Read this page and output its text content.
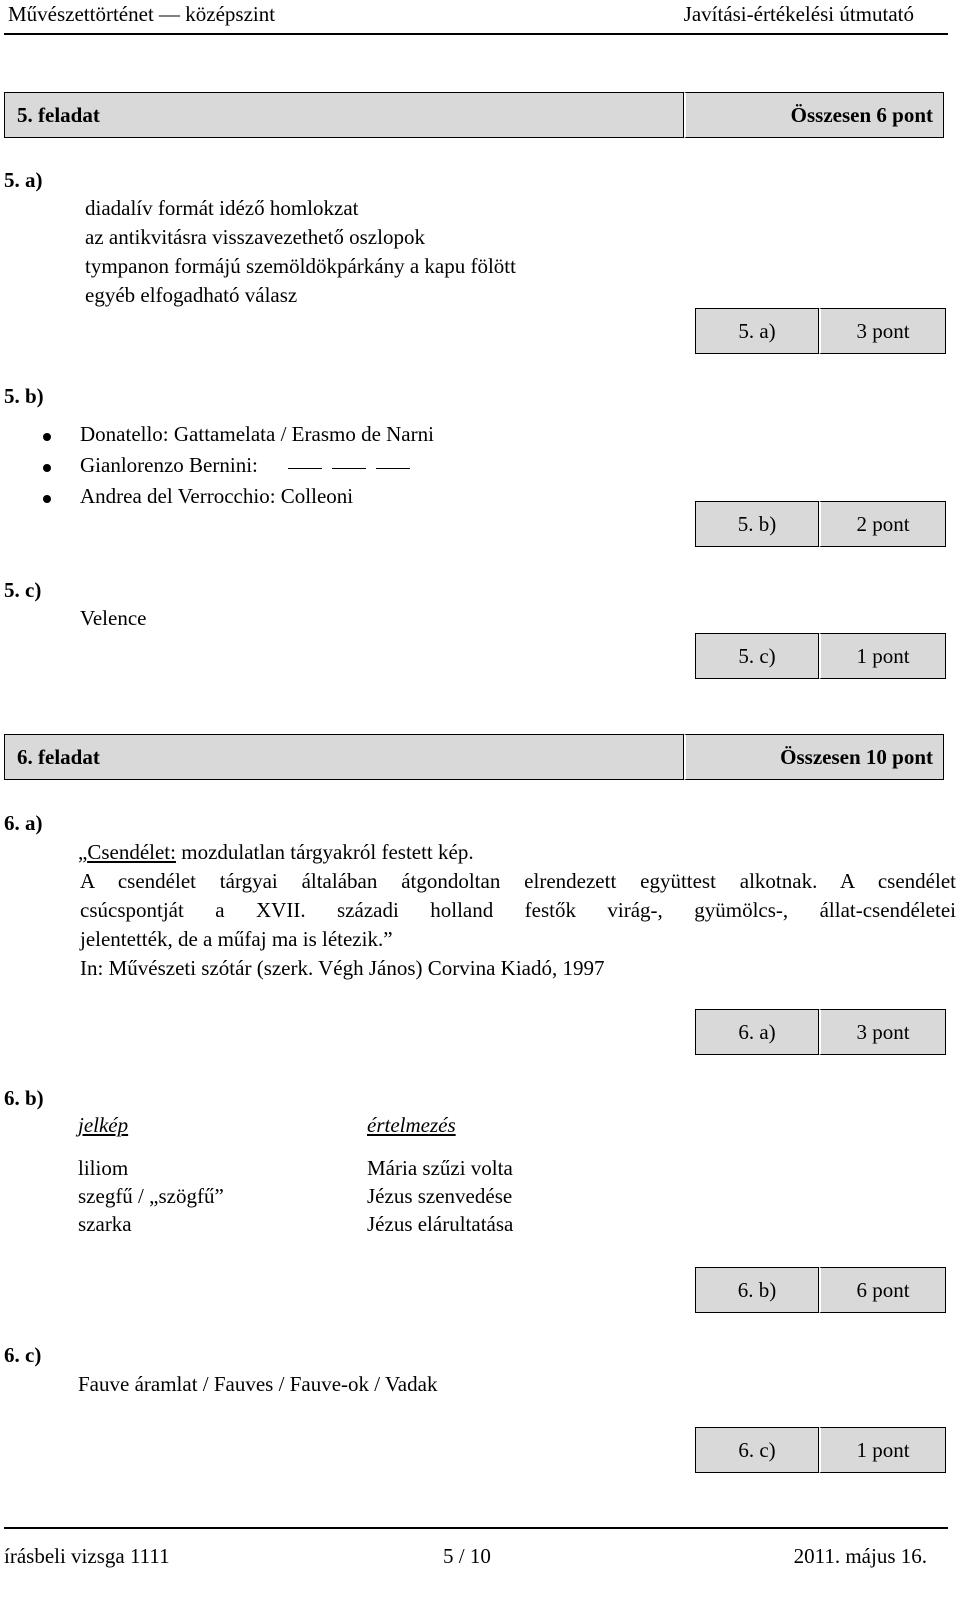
Művészettörténet — középszint	Javítási-értékelési útmutató
5. feladat	Összesen 6 pont
5. a)
diadalív formát idéző homlokzat
az antikvitásra visszavezethető oszlopok
tympanon formájú szemöldökpárkány a kapu fölött
egyéb elfogadható válasz
5. a)	3 pont
5. b)
Donatello: Gattamelata / Erasmo de Narni
Gianlorenzo Bernini:
Andrea del Verrocchio: Colleoni
5. b)	2 pont
5. c)
Velence
5. c)	1 pont
6. feladat	Összesen 10 pont
6. a)
„Csendélet: mozdulatlan tárgyakról festett kép.
A csendélet tárgyai általában átgondoltan elrendezett együttest alkotnak. A csendélet
csúcspontját a XVII. századi holland festők virág-, gyümölcs-, állat-csendéletei
jelentették, de a műfaj ma is létezik.”
In: Művészeti szótár (szerk. Végh János) Corvina Kiadó, 1997
6. a)	3 pont
6. b)
jelkép	értelmezés
liliom	Mária szűzi volta
szegfű / „szögfű”	Jézus szenvedése
szarka	Jézus elárultatása
6. b)	6 pont
6. c)
Fauve áramlat / Fauves / Fauve-ok / Vadak
6. c)	1 pont
írásbeli vizsga 1111	5 / 10	2011. május 16.
